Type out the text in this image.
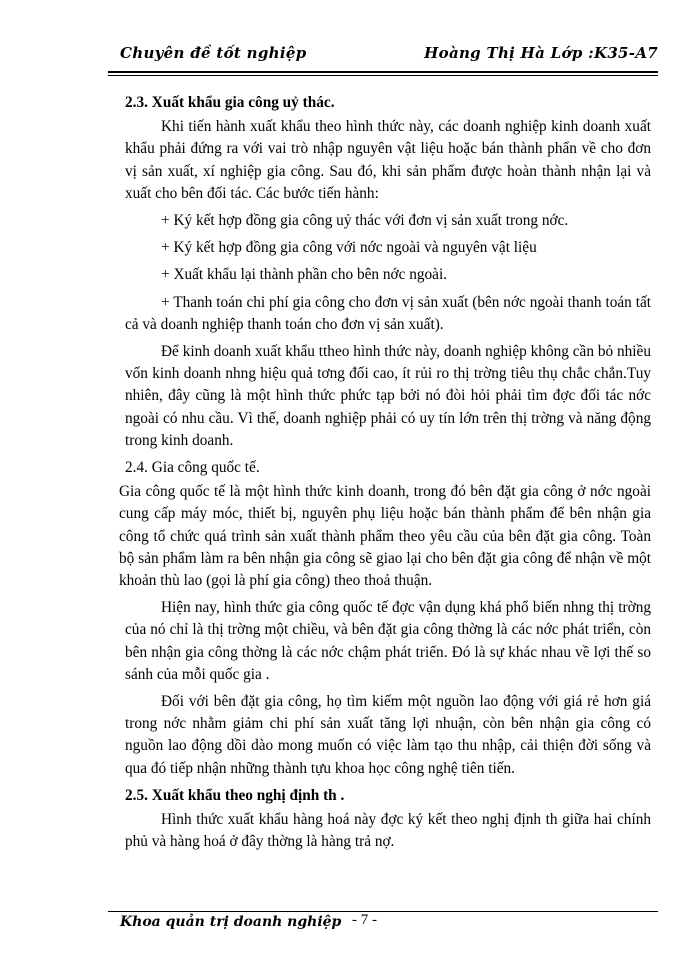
Chuyên đề tốt nghiệp	Hoàng Thị Hà Lớp :K35-A7
2.3. Xuất khẩu gia công uỷ thác.

Khi tiến hành xuất khẩu theo hình thức này, các doanh nghiệp kinh doanh xuất khẩu phải đứng ra với vai trò nhập nguyên vật liệu hoặc bán thành phẩn về cho đơn vị sản xuất, xí nghiệp gia công. Sau đó, khi sản phẩm được hoàn thành nhận lại và xuất cho bên đối tác. Các bước tiến hành:

+ Ký kết hợp đồng gia công uỷ thác với đơn vị sản xuất trong nớc.
+ Ký kết hợp đồng gia công với nớc ngoài và nguyên vật liệu
+ Xuất khẩu lại thành phần cho bên nớc ngoài.

+ Thanh toán chi phí gia công cho đơn vị sản xuất (bên nớc ngoài thanh toán tất cả và doanh nghiệp thanh toán cho đơn vị sản xuất).

Để kinh doanh xuất khẩu ttheo hình thức này, doanh nghiệp không cần bỏ nhiều vốn kinh doanh nhng hiệu quả tơng đối cao, ít rủi ro thị trờng tiêu thụ chắc chắn.Tuy nhiên, đây cũng là một hình thức phức tạp bởi nó đòi hỏi phải tìm đợc đối tác nớc ngoài có nhu cầu. Vì thế, doanh nghiệp phải có uy tín lớn trên thị trờng và năng động trong kinh doanh.

2.4. Gia công quốc tế.

Gia công quốc tế là một hình thức kinh doanh, trong đó bên đặt gia công ở nớc ngoài cung cấp máy móc, thiết bị, nguyên phụ liệu hoặc bán thành phẩm để bên nhận gia công tổ chức quá trình sản xuất thành phẩm theo yêu cầu của bên đặt gia công. Toàn bộ sản phẩm làm ra bên nhận gia công sẽ giao lại cho bên đặt gia công để nhận về một khoản thù lao (gọi là phí gia công) theo thoả thuận.

Hiện nay, hình thức gia công quốc tế đợc vận dụng khá phổ biến nhng thị trờng của nó chỉ là thị trờng một chiều, và bên đặt gia công thờng là các nớc phát triển, còn bên nhận gia công thờng là các nớc chậm phát triển. Đó là sự khác nhau về lợi thế so sánh của mỗi quốc gia .

Đối với bên đặt gia công, họ tìm kiếm một nguồn lao động với giá rẻ hơn giá trong nớc nhằm giảm chi phí sản xuất tăng lợi nhuận, còn bên nhận gia công có nguồn lao động dồi dào mong muốn có việc làm tạo thu nhập, cải thiện đời sống và qua đó tiếp nhận những thành tựu khoa học công nghệ tiên tiến.

2.5. Xuất khẩu theo nghị định th .

Hình thức xuất khẩu hàng hoá này đợc ký kết theo nghị định th giữa hai chính phủ và hàng hoá ở đây thờng là hàng trả nợ.

Khoa quản trị doanh nghiệp - 7 -
